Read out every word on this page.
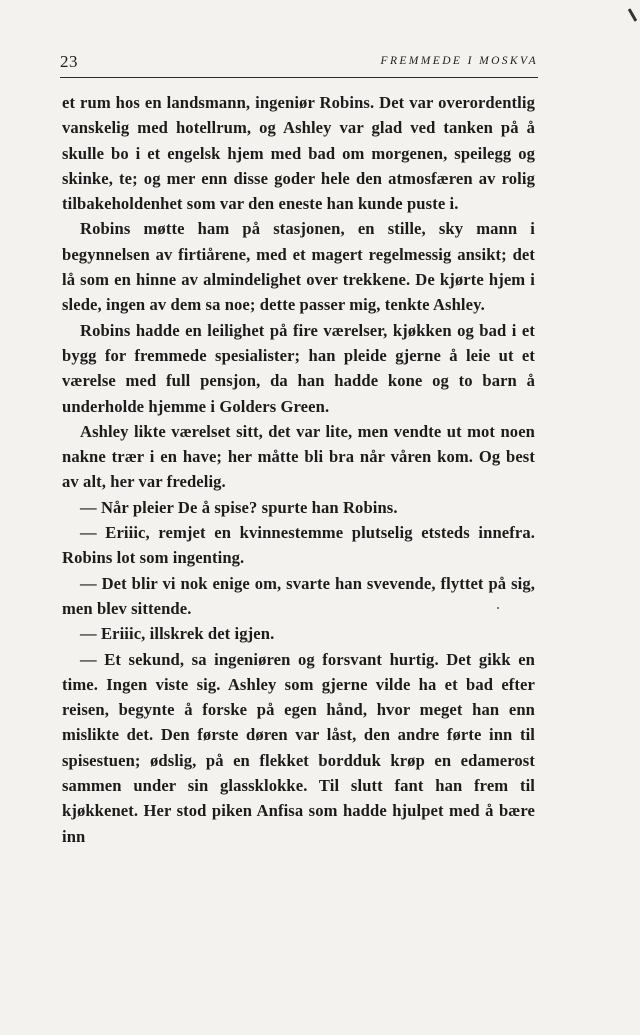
23	FREMMEDE I MOSKVA

et rum hos en landsmann, ingeniør Robins. Det var overordentlig vanskelig med hotellrum, og Ashley var glad ved tanken på å skulle bo i et engelsk hjem med bad om morgenen, speilegg og skinke, te; og mer enn disse goder hele den atmosfæren av rolig tilbakeholdenhet som var den eneste han kunde puste i.

Robins møtte ham på stasjonen, en stille, sky mann i begynnelsen av firtiårene, med et magert regelmessig ansikt; det lå som en hinne av almindelighet over trekkene. De kjørte hjem i slede, ingen av dem sa noe; dette passer mig, tenkte Ashley.

Robins hadde en leilighet på fire værelser, kjøkken og bad i et bygg for fremmede spesialister; han pleide gjerne å leie ut et værelse med full pensjon, da han hadde kone og to barn å underholde hjemme i Golders Green.

Ashley likte værelset sitt, det var lite, men vendte ut mot noen nakne trær i en have; her måtte bli bra når våren kom. Og best av alt, her var fredelig.

— Når pleier De å spise? spurte han Robins.

— Eriiic, remjet en kvinnestemme plutselig etsteds innefra. Robins lot som ingenting.

— Det blir vi nok enige om, svarte han svevende, flyttet på sig, men blev sittende.

— Eriiic, illskrek det igjen.

— Et sekund, sa ingeniøren og forsvant hurtig. Det gikk en time. Ingen viste sig. Ashley som gjerne vilde ha et bad efter reisen, begynte å forske på egen hånd, hvor meget han enn mislikte det. Den første døren var låst, den andre førte inn til spisestuen; ødslig, på en flekket bordduk krøp en edamerost sammen under sin glassklokke. Til slutt fant han frem til kjøkkenet. Her stod piken Anfisa som hadde hjulpet med å bære inn
